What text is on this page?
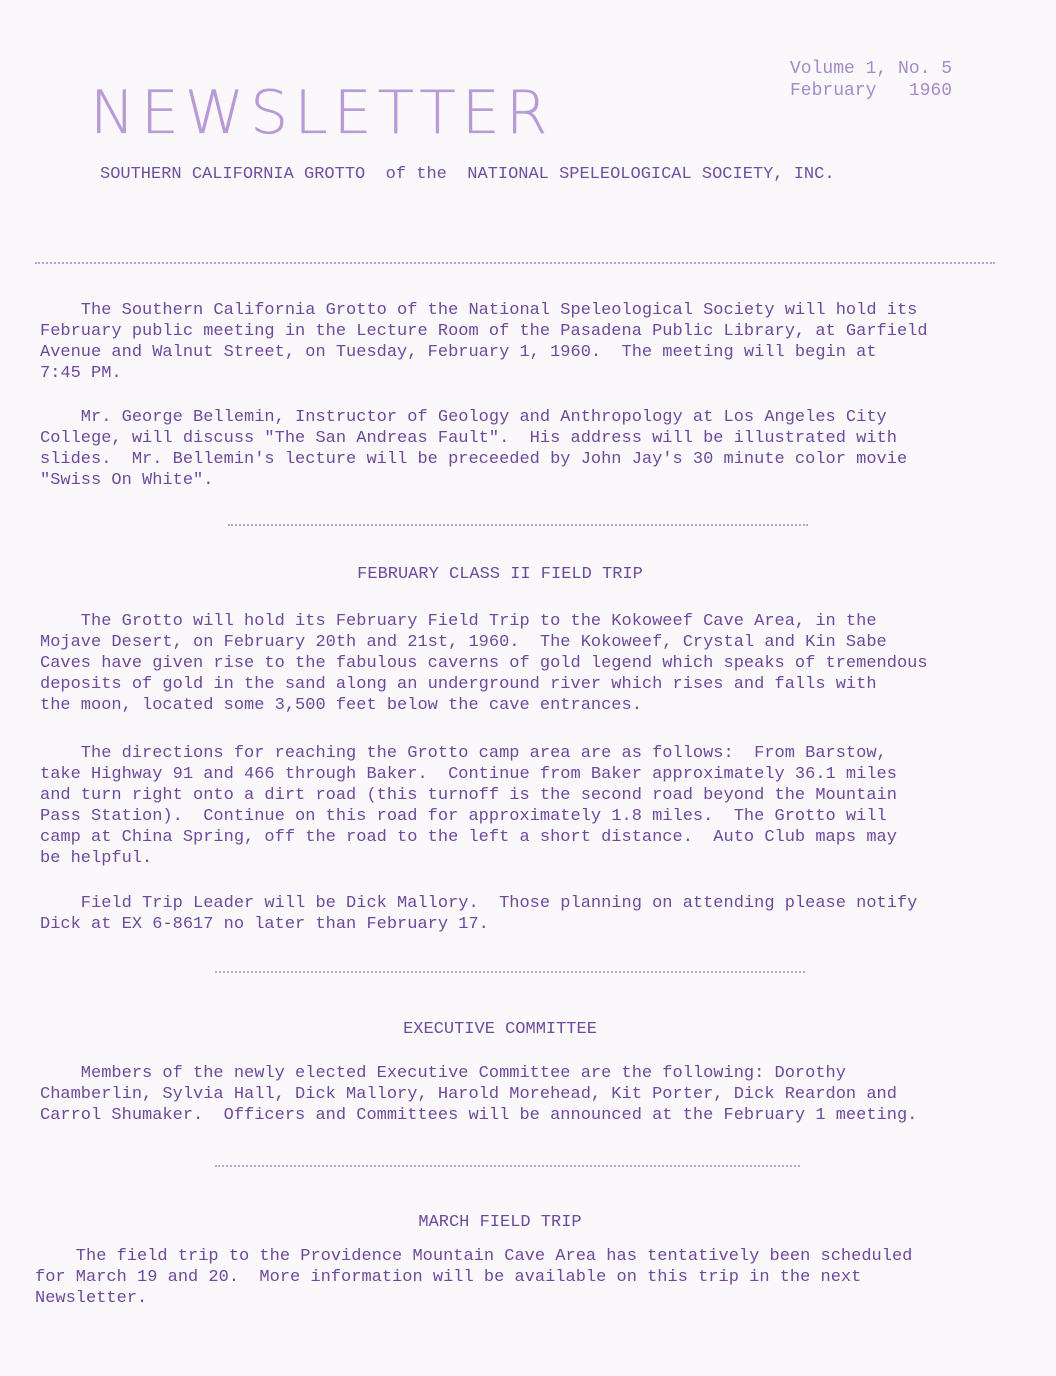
NEWSLETTER
Volume 1, No. 5
February   1960
SOUTHERN CALIFORNIA GROTTO  of the  NATIONAL SPELEOLOGICAL SOCIETY, INC.
The Southern California Grotto of the National Speleological Society will hold its
February public meeting in the Lecture Room of the Pasadena Public Library, at Garfield
Avenue and Walnut Street, on Tuesday, February 1, 1960.  The meeting will begin at
7:45 PM.
Mr. George Bellemin, Instructor of Geology and Anthropology at Los Angeles City
College, will discuss "The San Andreas Fault".  His address will be illustrated with
slides.  Mr. Bellemin's lecture will be preceeded by John Jay's 30 minute color movie
"Swiss On White".
FEBRUARY CLASS II FIELD TRIP
The Grotto will hold its February Field Trip to the Kokoweef Cave Area, in the
Mojave Desert, on February 20th and 21st, 1960.  The Kokoweef, Crystal and Kin Sabe
Caves have given rise to the fabulous caverns of gold legend which speaks of tremendous
deposits of gold in the sand along an underground river which rises and falls with
the moon, located some 3,500 feet below the cave entrances.
The directions for reaching the Grotto camp area are as follows:  From Barstow,
take Highway 91 and 466 through Baker.  Continue from Baker approximately 36.1 miles
and turn right onto a dirt road (this turnoff is the second road beyond the Mountain
Pass Station).  Continue on this road for approximately 1.8 miles.  The Grotto will
camp at China Spring, off the road to the left a short distance.  Auto Club maps may
be helpful.
Field Trip Leader will be Dick Mallory.  Those planning on attending please notify
Dick at EX 6-8617 no later than February 17.
EXECUTIVE COMMITTEE
Members of the newly elected Executive Committee are the following: Dorothy
Chamberlin, Sylvia Hall, Dick Mallory, Harold Morehead, Kit Porter, Dick Reardon and
Carrol Shumaker.  Officers and Committees will be announced at the February 1 meeting.
MARCH FIELD TRIP
The field trip to the Providence Mountain Cave Area has tentatively been scheduled
for March 19 and 20.  More information will be available on this trip in the next
Newsletter.
